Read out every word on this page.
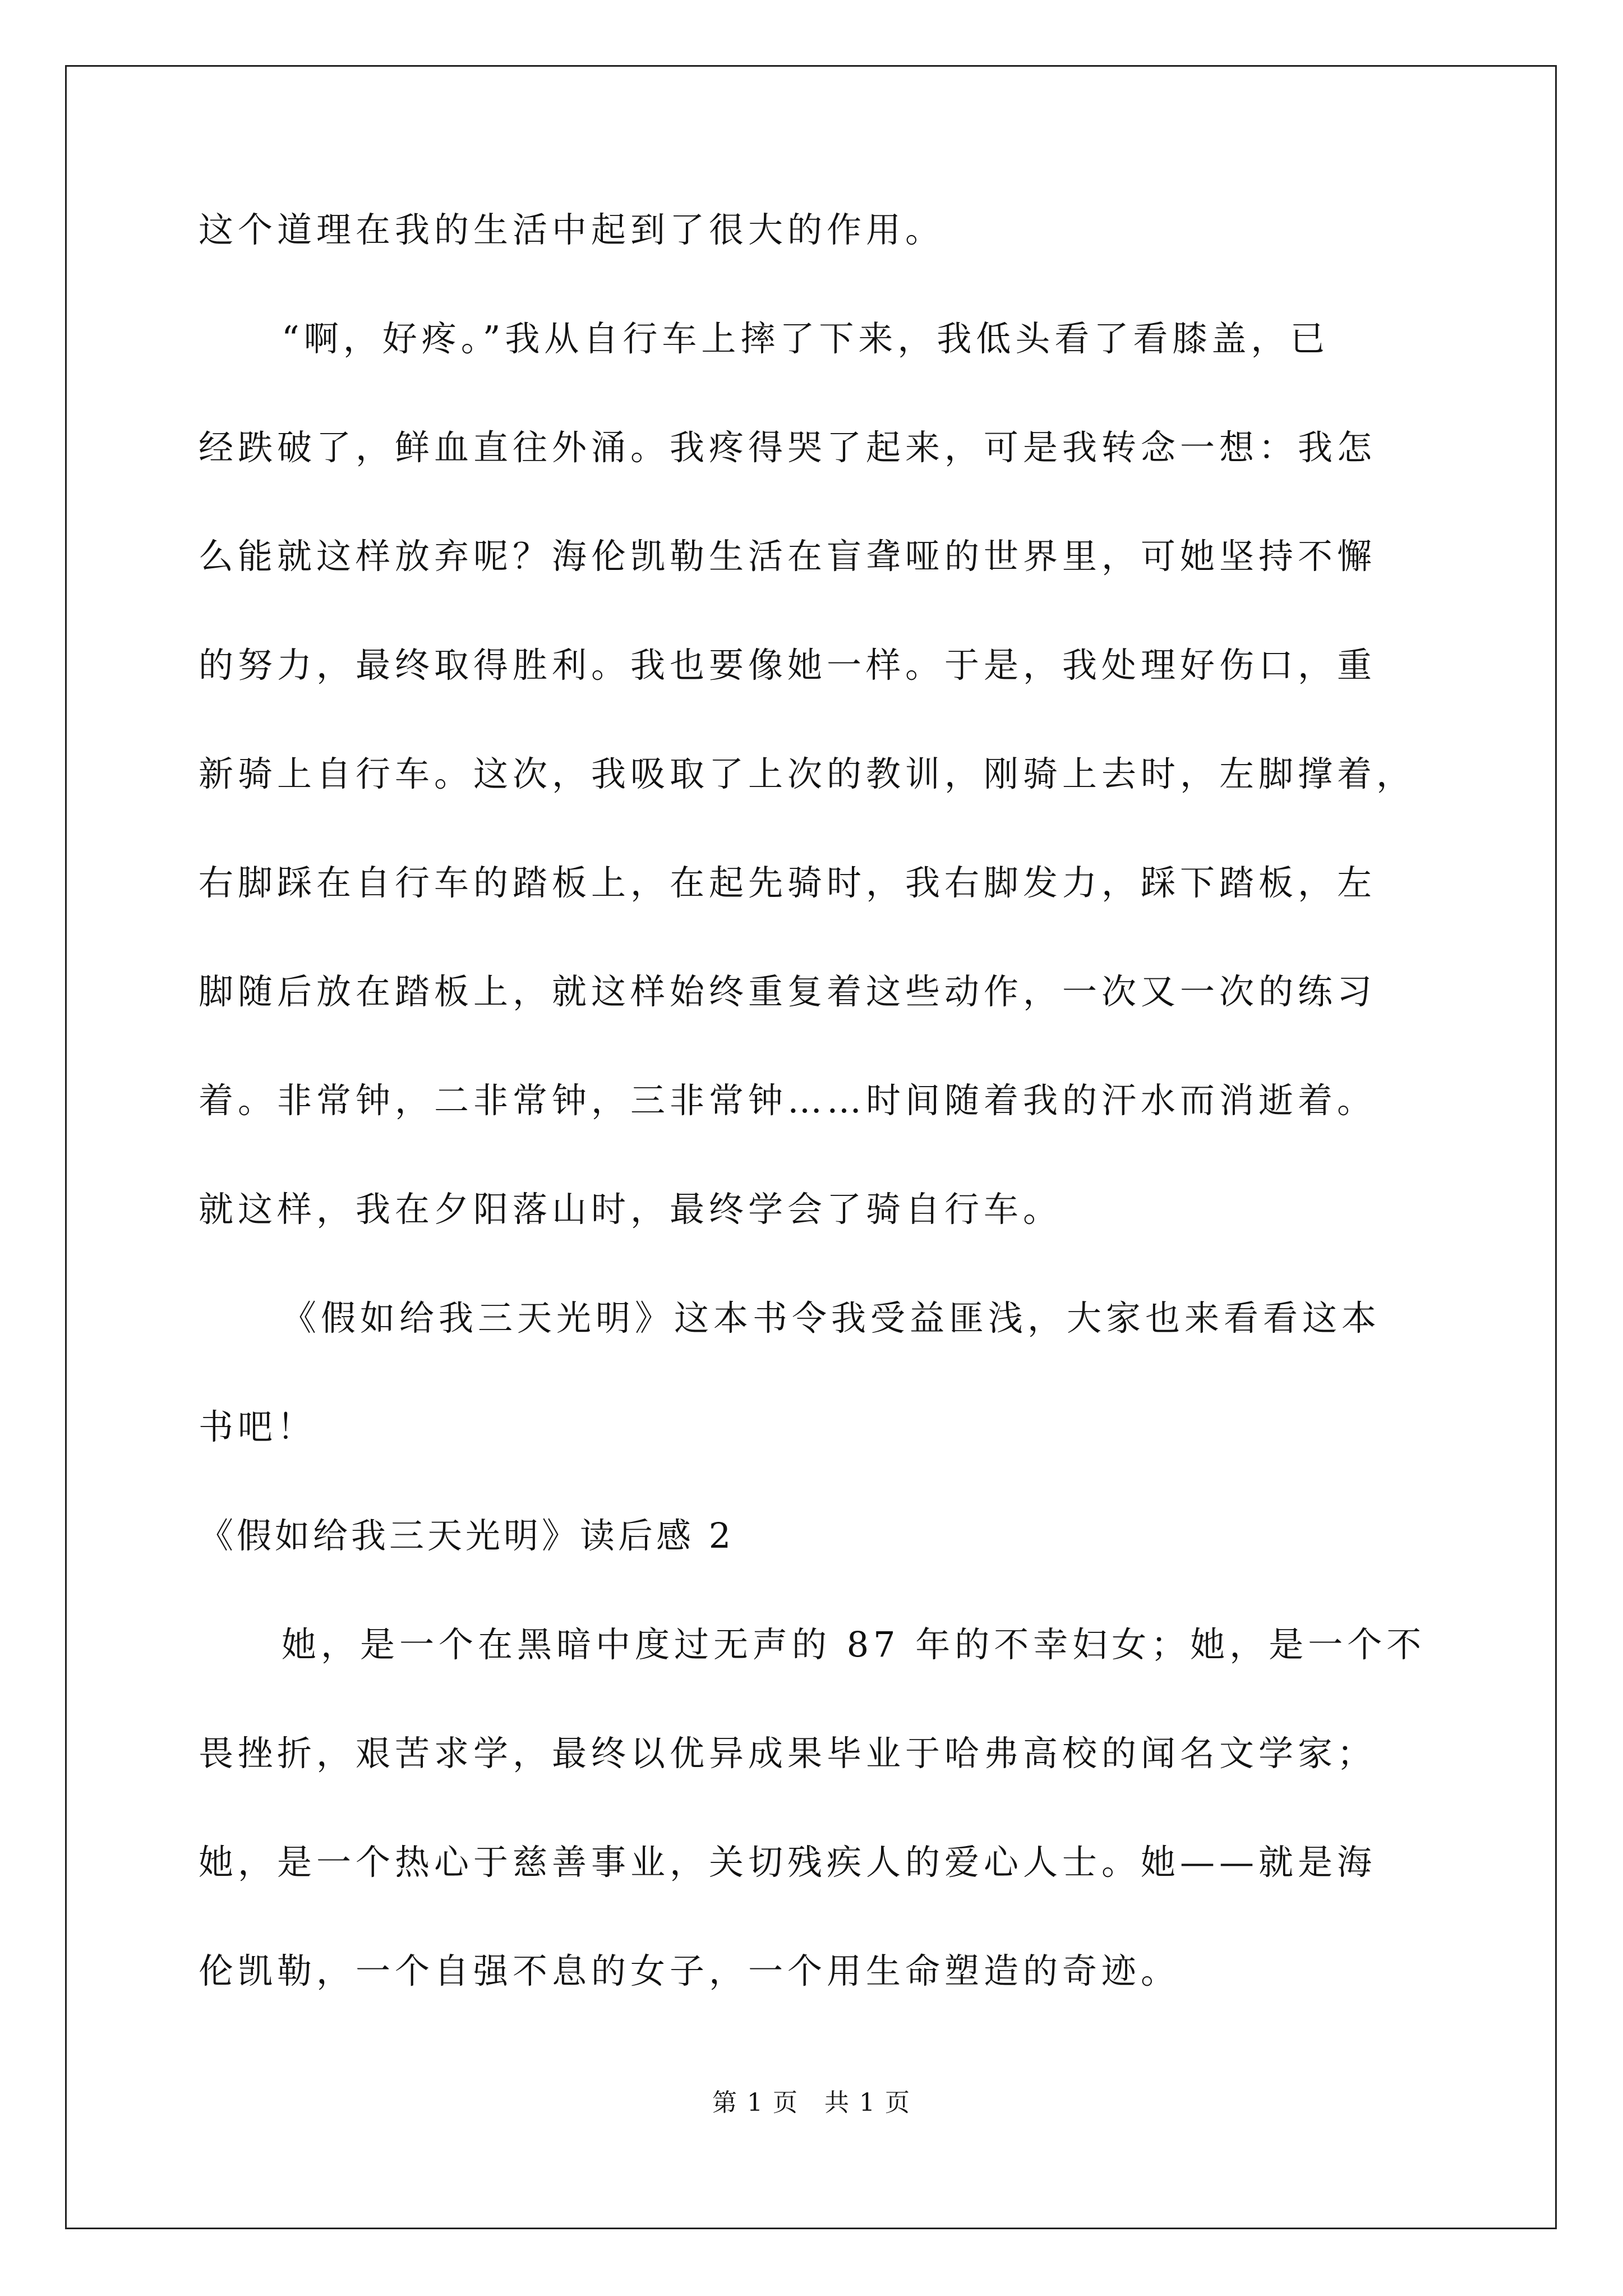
这个道理在我的生活中起到了很大的作用。
“啊，好疼。”我从自行车上摔了下来，我低头看了看膝盖，已
经跌破了，鲜血直往外涌。我疼得哭了起来，可是我转念一想：我怎
么能就这样放弃呢？海伦凯勒生活在盲聋哑的世界里，可她坚持不懈
的努力，最终取得胜利。我也要像她一样。于是，我处理好伤口，重
新骑上自行车。这次，我吸取了上次的教训，刚骑上去时，左脚撑着，
右脚踩在自行车的踏板上，在起先骑时，我右脚发力，踩下踏板，左
脚随后放在踏板上，就这样始终重复着这些动作，一次又一次的练习
着。非常钟，二非常钟，三非常钟……时间随着我的汗水而消逝着。
就这样，我在夕阳落山时，最终学会了骑自行车。
《假如给我三天光明》这本书令我受益匪浅，大家也来看看这本
书吧！
《假如给我三天光明》读后感 2
她，是一个在黑暗中度过无声的 87 年的不幸妇女；她，是一个不
畏挫折，艰苦求学，最终以优异成果毕业于哈弗高校的闻名文学家；
她，是一个热心于慈善事业，关切残疾人的爱心人士。她——就是海
伦凯勒，一个自强不息的女子，一个用生命塑造的奇迹。
第 1 页　共 1 页
